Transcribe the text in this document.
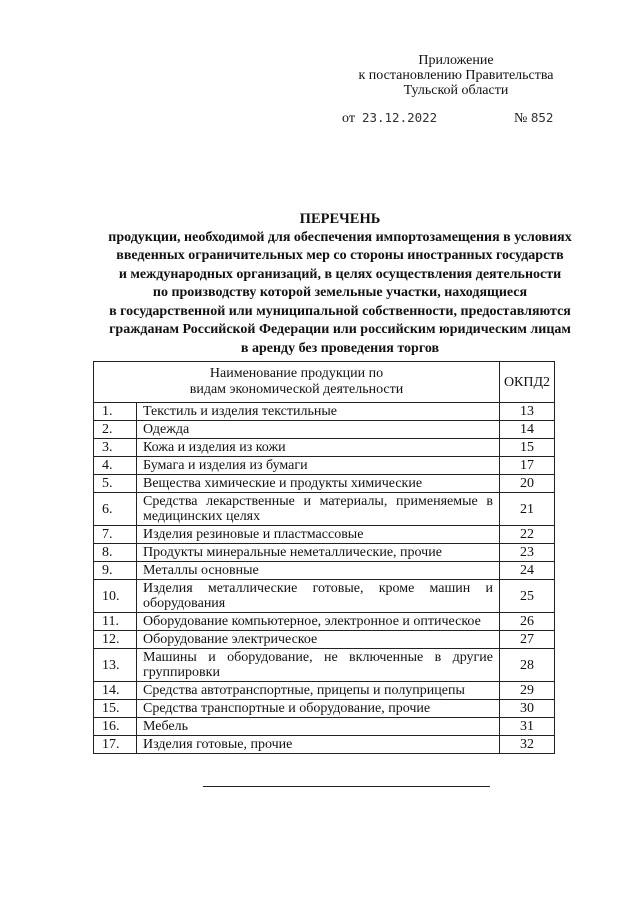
Приложение
к постановлению Правительства
Тульской области
от 23.12.2022	№ 852
ПЕРЕЧЕНЬ
продукции, необходимой для обеспечения импортозамещения в условиях
введенных ограничительных мер со стороны иностранных государств
и международных организаций, в целях осуществления деятельности
по производству которой земельные участки, находящиеся
в государственной или муниципальной собственности, предоставляются
гражданам Российской Федерации или российским юридическим лицам
в аренду без проведения торгов
Наименование продукции по
видам экономической деятельности		ОКПД2
1.	Текстиль и изделия текстильные	13
2.	Одежда	14
3.	Кожа и изделия из кожи	15
4.	Бумага и изделия из бумаги	17
5.	Вещества химические и продукты химические	20
6.	Средства лекарственные и материалы, применяемые в медицинских целях	21
7.	Изделия резиновые и пластмассовые	22
8.	Продукты минеральные неметаллические, прочие	23
9.	Металлы основные	24
10.	Изделия металлические готовые, кроме машин и оборудования	25
11.	Оборудование компьютерное, электронное и оптическое	26
12.	Оборудование электрическое	27
13.	Машины и оборудование, не включенные в другие группировки	28
14.	Средства автотранспортные, прицепы и полуприцепы	29
15.	Средства транспортные и оборудование, прочие	30
16.	Мебель	31
17.	Изделия готовые, прочие	32
